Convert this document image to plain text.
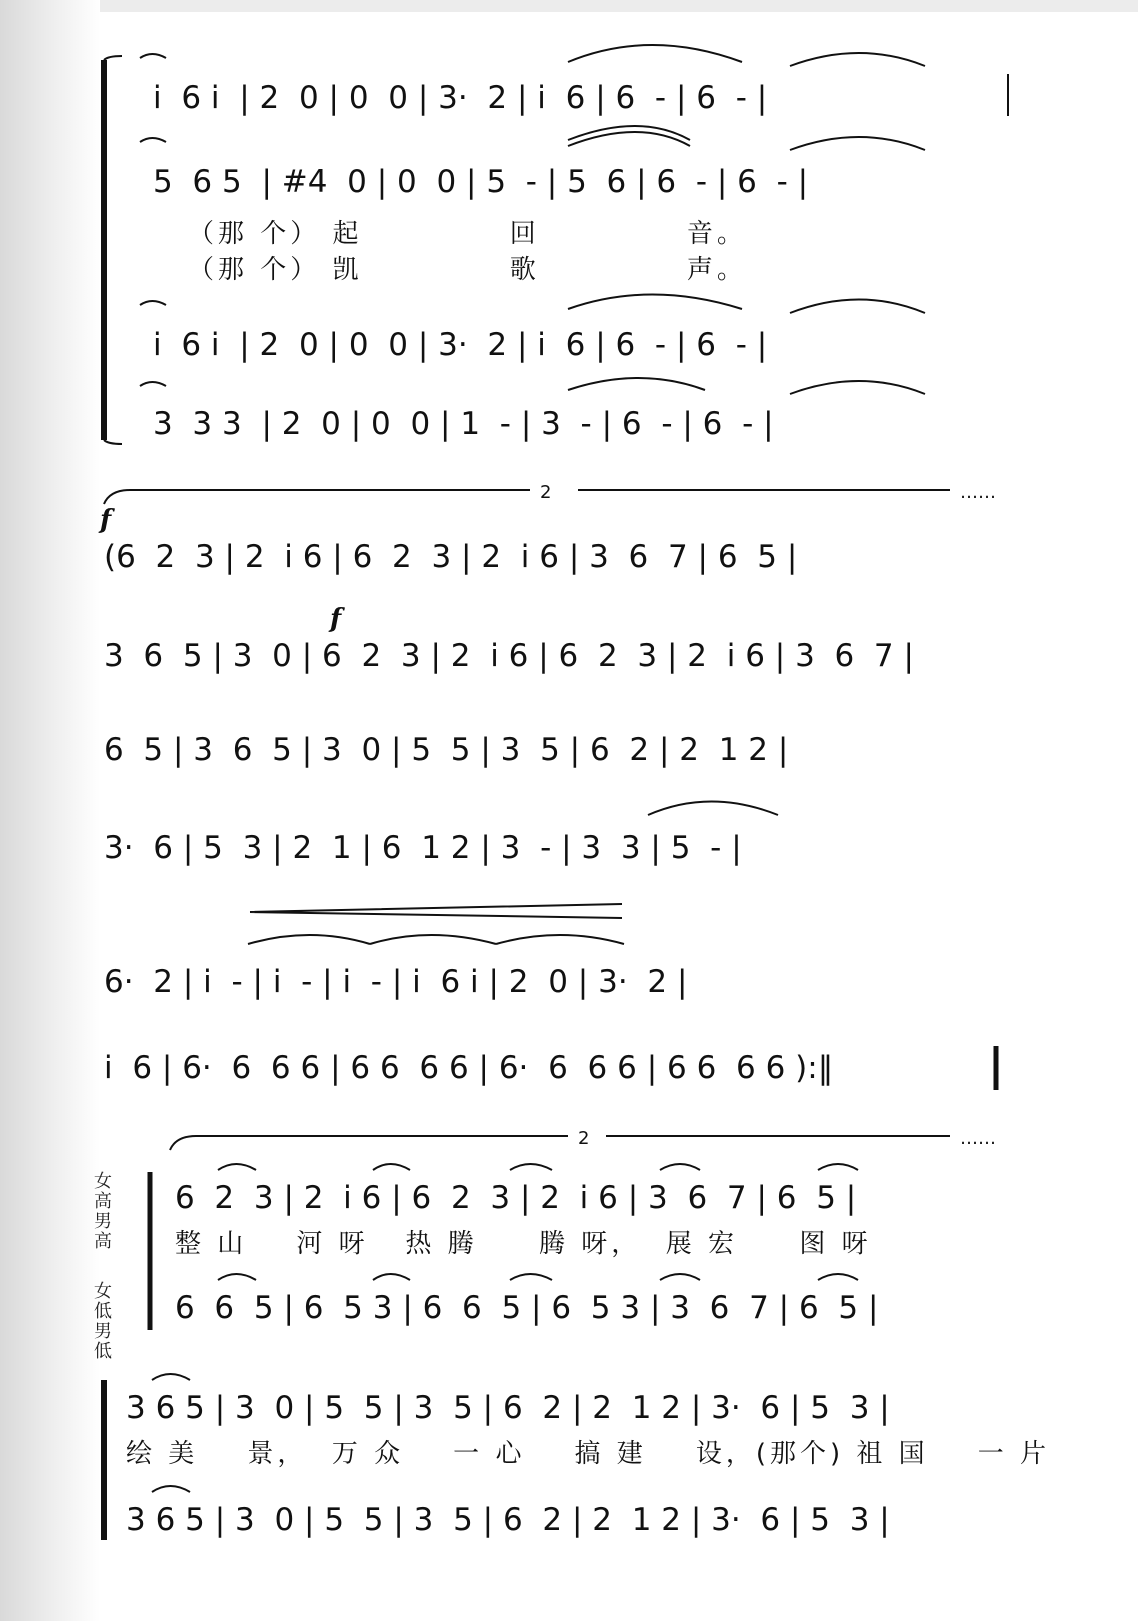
i  6 i  | 2  0 | 0  0 | 3·  2 | i  6 | 6  - | 6  - |
5  6 5  | #4  0 | 0  0 | 5  - | 5  6 | 6  - | 6  - |
（那 个） 起            回            音。
（那 个） 凯            歌            声。
i  6 i  | 2  0 | 0  0 | 3·  2 | i  6 | 6  - | 6  - |
3  3 3  | 2  0 | 0  0 | 1  - | 3  - | 6  - | 6  - |
2	……
f
f
(6  2  3 | 2  i 6 | 6  2  3 | 2  i 6 | 3  6  7 | 6  5 |
3  6  5 | 3  0 | 6  2  3 | 2  i 6 | 6  2  3 | 2  i 6 | 3  6  7 |
6  5 | 3  6  5 | 3  0 | 5  5 | 3  5 | 6  2 | 2  1 2 |
3·  6 | 5  3 | 2  1 | 6  1 2 | 3  - | 3  3 | 5  - |
6·  2 | i  - | i  - | i  - | i  6 i | 2  0 | 3·  2 |
i  6 | 6·  6  6 6 | 6 6  6 6 | 6·  6  6 6 | 6 6  6 6 ):‖
2	……
女高
男高
女低
男低
6  2  3 | 2  i 6 | 6  2  3 | 2  i 6 | 3  6  7 | 6  5 |
整 山    河 呀   热 腾     腾 呀，  展 宏     图 呀
6  6  5 | 6  5 3 | 6  6  5 | 6  5 3 | 3  6  7 | 6  5 |
3 6 5 | 3  0 | 5  5 | 3  5 | 6  2 | 2  1 2 | 3·  6 | 5  3 |
绘 美    景，  万 众    一 心    搞 建    设，(那个) 祖 国    一 片
3 6 5 | 3  0 | 5  5 | 3  5 | 6  2 | 2  1 2 | 3·  6 | 5  3 |
